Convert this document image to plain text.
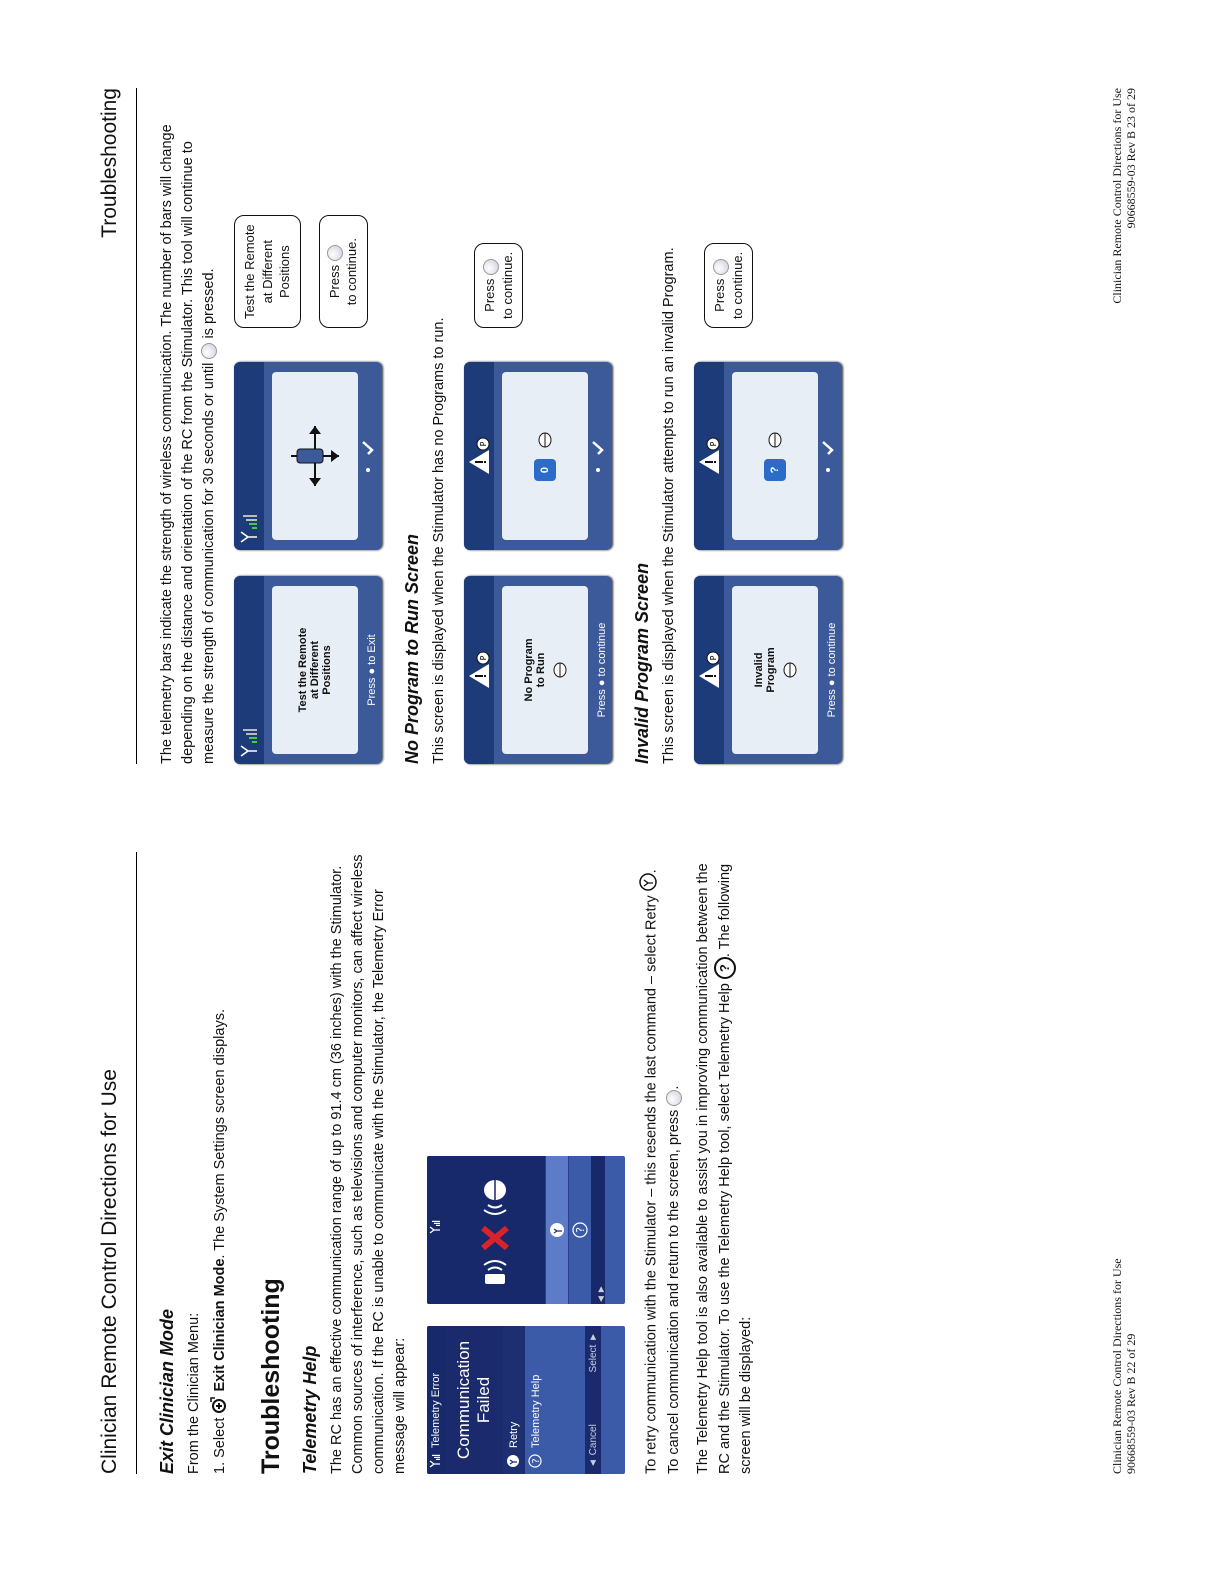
Clinician Remote Control Directions for Use	Exit Clinician Mode From the Clinician Menu: 1. Select  Exit Clinician Mode. The System Settings screen displays.
Troubleshooting Telemetry Help The RC has an effective communication range of up to 91.4 cm (36 inches) with the Stimulator. Common sources of interference, such as televisions and computer monitors, can affect wireless communication. If the RC is unable to communicate with the Stimulator, the Telemetry Error message will appear: Telemetry Error Communication Failed
Retry
?
Telemetry Help	◄ Cancel
Select ►
?
◄►	To retry communication with the Stimulator – this resends the last command – select Retry .
To cancel communication and return to the screen, press . The Telemetry Help tool is also available to assist you in improving communication between the RC and the Stimulator. To use the Telemetry Help tool, select Telemetry Help ?. The following screen will be displayed:	Clinician Remote Control Directions for Use 90668559-03 Rev B 22 of 29
Troubleshooting	The telemetry bars indicate the strength of wireless communication. The number of bars will change depending on the distance and orientation of the RC from the Stimulator. This tool will continue to measure the strength of communication for 30 seconds or until  is pressed.

Test the Remote at Different Positions	Press ● to Exit
Test the Remote at Different Positions	Press to continue.
No Program to Run Screen This screen is displayed when the Stimulator has no Programs to run.	P	No Program to Run	Press ● to continue
P
0
Press to continue.
Invalid Program Screen This screen is displayed when the Stimulator attempts to run an invalid Program.	P	Invalid Program	Press ● to continue
P
?
Press to continue.	Clinician Remote Control Directions for Use 90668559-03 Rev B 23 of 29
